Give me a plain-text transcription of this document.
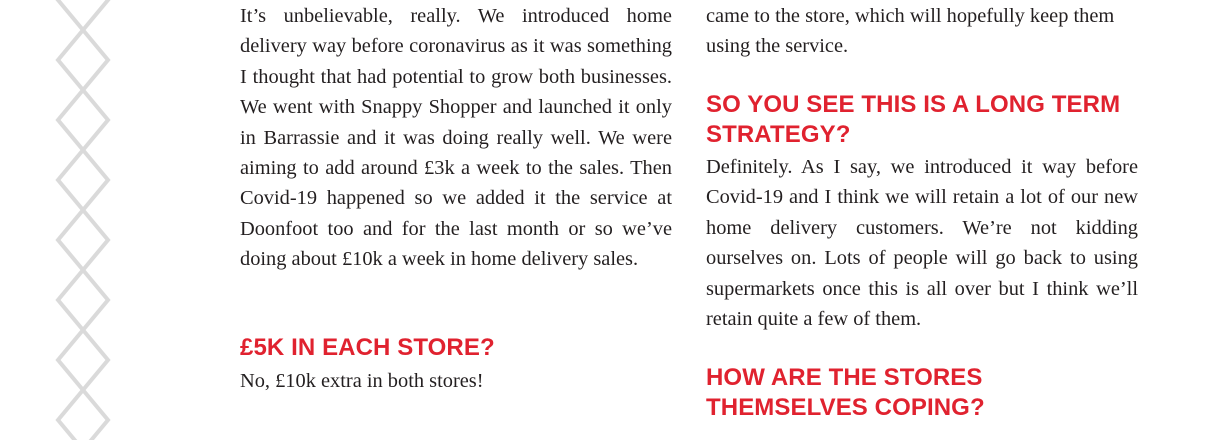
It’s unbelievable, really. We introduced home delivery way before coronavirus as it was something I thought that had potential to grow both businesses. We went with Snappy Shopper and launched it only in Barrassie and it was doing really well. We were aiming to add around £3k a week to the sales. Then Covid-19 happened so we added it the service at Doonfoot too and for the last month or so we’ve doing about £10k a week in home delivery sales.

£5K IN EACH STORE?

No, £10k extra in both stores!

came to the store, which will hopefully keep them using the service.

SO YOU SEE THIS IS A LONG TERM STRATEGY?

Definitely. As I say, we introduced it way before Covid-19 and I think we will retain a lot of our new home delivery customers. We’re not kidding ourselves on. Lots of people will go back to using supermarkets once this is all over but I think we’ll retain quite a few of them.

HOW ARE THE STORES THEMSELVES COPING?
